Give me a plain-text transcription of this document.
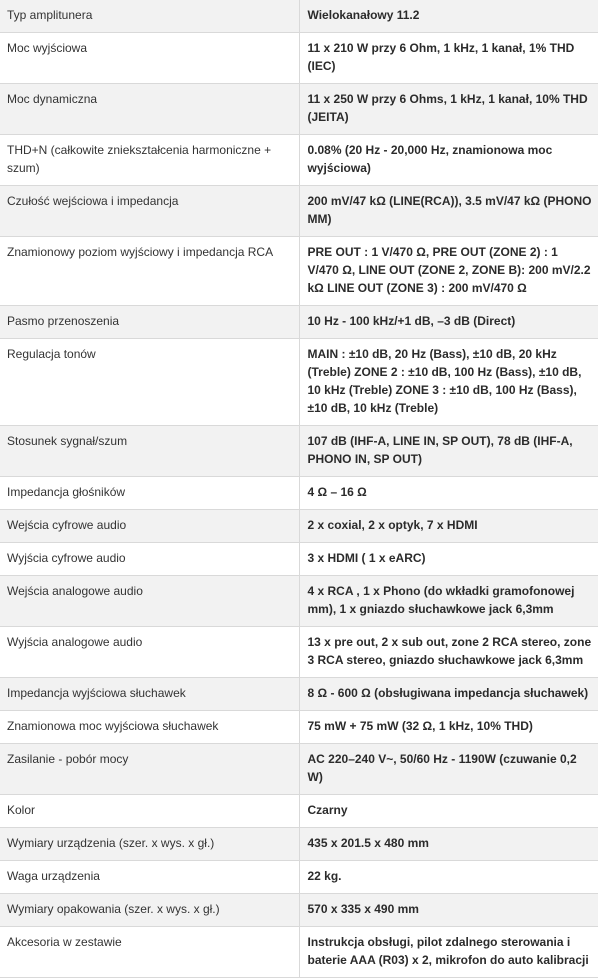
Typ amplitunera	Wielokanałowy 11.2
Moc wyjściowa	11 x 210 W przy 6 Ohm, 1 kHz, 1 kanał, 1% THD (IEC)
Moc dynamiczna	11 x 250 W przy 6 Ohms, 1 kHz, 1 kanał, 10% THD (JEITA)
THD+N (całkowite zniekształcenia harmoniczne + szum)	0.08% (20 Hz - 20,000 Hz, znamionowa moc wyjściowa)
Czułość wejściowa i impedancja	200 mV/47 kΩ (LINE(RCA)), 3.5 mV/47 kΩ (PHONO MM)
Znamionowy poziom wyjściowy i impedancja RCA	PRE OUT : 1 V/470 Ω, PRE OUT (ZONE 2) : 1 V/470 Ω, LINE OUT (ZONE 2, ZONE B): 200 mV/2.2 kΩ LINE OUT (ZONE 3) : 200 mV/470 Ω
Pasmo przenoszenia	10 Hz - 100 kHz/+1 dB, –3 dB (Direct)
Regulacja tonów	MAIN : ±10 dB, 20 Hz (Bass), ±10 dB, 20 kHz (Treble) ZONE 2 : ±10 dB, 100 Hz (Bass), ±10 dB, 10 kHz (Treble) ZONE 3 : ±10 dB, 100 Hz (Bass), ±10 dB, 10 kHz (Treble)
Stosunek sygnał/szum	107 dB (IHF-A, LINE IN, SP OUT), 78 dB (IHF-A, PHONO IN, SP OUT)
Impedancja głośników	4 Ω – 16 Ω
Wejścia cyfrowe audio	2 x coxial, 2 x optyk, 7 x HDMI
Wyjścia cyfrowe audio	3 x HDMI ( 1 x eARC)
Wejścia analogowe audio	4 x RCA , 1 x Phono (do wkładki gramofonowej mm), 1 x gniazdo słuchawkowe jack 6,3mm
Wyjścia analogowe audio	13 x pre out, 2 x sub out, zone 2 RCA stereo, zone 3 RCA stereo, gniazdo słuchawkowe jack 6,3mm
Impedancja wyjściowa słuchawek	8 Ω - 600 Ω (obsługiwana impedancja słuchawek)
Znamionowa moc wyjściowa słuchawek	75 mW + 75 mW (32 Ω, 1 kHz, 10% THD)
Zasilanie - pobór mocy	AC 220–240 V~, 50/60 Hz - 1190W (czuwanie 0,2 W)
Kolor	Czarny
Wymiary urządzenia (szer. x wys. x gł.)	435 x 201.5 x 480 mm
Waga urządzenia	22 kg.
Wymiary opakowania (szer. x wys. x gł.)	570 x 335 x 490 mm
Akcesoria w zestawie	Instrukcja obsługi, pilot zdalnego sterowania i baterie AAA (R03) x 2, mikrofon do auto kalibracji
